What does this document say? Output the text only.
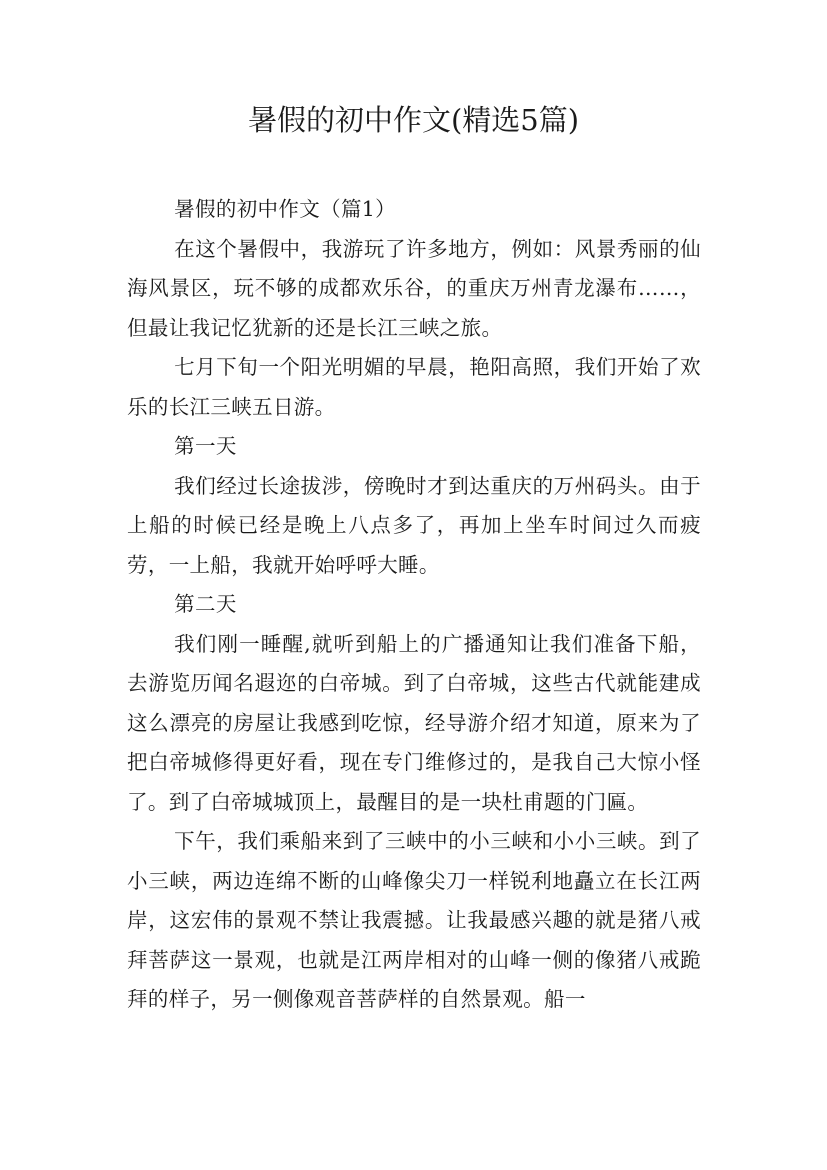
暑假的初中作文(精选5篇)

暑假的初中作文（篇1）

在这个暑假中，我游玩了许多地方，例如：风景秀丽的仙海风景区，玩不够的成都欢乐谷，的重庆万州青龙瀑布……，但最让我记忆犹新的还是长江三峡之旅。

七月下旬一个阳光明媚的早晨，艳阳高照，我们开始了欢乐的长江三峡五日游。

第一天

我们经过长途拔涉，傍晚时才到达重庆的万州码头。由于上船的时候已经是晚上八点多了，再加上坐车时间过久而疲劳，一上船，我就开始呼呼大睡。

第二天

我们刚一睡醒,就听到船上的广播通知让我们准备下船，去游览历闻名遐迩的白帝城。到了白帝城，这些古代就能建成这么漂亮的房屋让我感到吃惊，经导游介绍才知道，原来为了把白帝城修得更好看，现在专门维修过的，是我自己大惊小怪了。到了白帝城城顶上，最醒目的是一块杜甫题的门匾。

下午，我们乘船来到了三峡中的小三峡和小小三峡。到了小三峡，两边连绵不断的山峰像尖刀一样锐利地矗立在长江两岸，这宏伟的景观不禁让我震撼。让我最感兴趣的就是猪八戒拜菩萨这一景观，也就是江两岸相对的山峰一侧的像猪八戒跪拜的样子，另一侧像观音菩萨样的自然景观。船一
